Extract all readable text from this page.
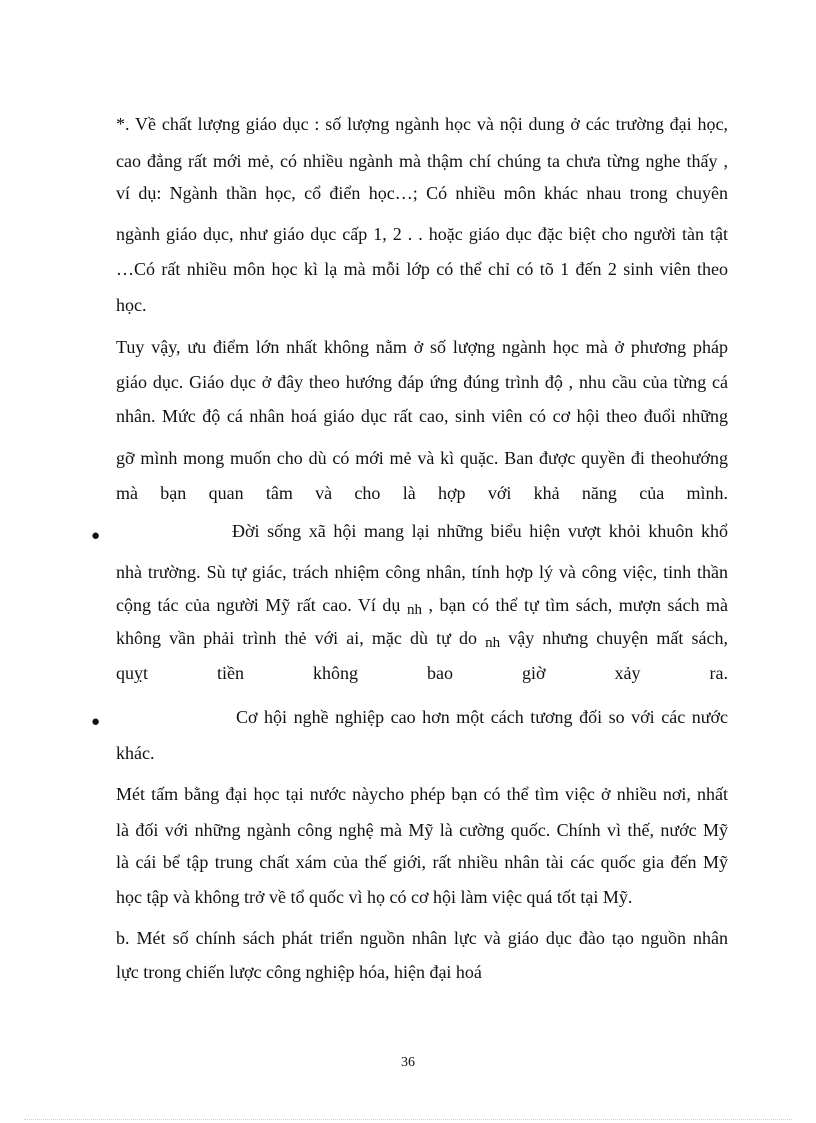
*. Về chất lượng giáo dục : số lượng ngành học và nội dung ở các trường đại học,
cao đẳng rất mới mẻ, có nhiều ngành mà thậm chí chúng ta chưa từng nghe thấy ,
ví dụ: Ngành thần học, cổ điển học…; Có nhiều môn khác nhau trong chuyên
ngành giáo dục, như giáo dục cấp 1, 2 . . hoặc giáo dục đặc biệt cho người tàn tật
…Có rất nhiều môn học kì lạ mà mỗi lớp có thể chỉ có tõ 1 đến 2 sinh viên theo
học.
Tuy vậy, ưu điểm lớn nhất không nằm ở số lượng ngành học mà ở phương pháp
giáo dục. Giáo dục ở đây theo hướng đáp ứng đúng trình độ , nhu cầu của từng cá
nhân. Mức độ cá nhân hoá giáo dục rất cao, sinh viên có cơ hội theo đuổi những
gỡ mình mong muốn cho dù có mới mẻ và kì quặc. Ban được quyền đi theohướng
mà bạn quan tâm và cho là hợp với khả năng của mình.
●	Đời sống xã hội mang lại những biểu hiện vượt khỏi khuôn khổ
nhà trường. Sù tự giác, trách nhiệm công nhân, tính hợp lý và công việc, tinh thần
cộng tác của người Mỹ rất cao. Ví dụ nh , bạn có thể tự tìm sách, mượn sách mà
không vần phải trình thẻ với ai, mặc dù tự do nh vậy nhưng chuyện mất sách,
quỵt tiền không bao giờ xảy ra.
●	Cơ hội nghề nghiệp cao hơn một cách tương đối so với các nước
khác.
Mét tấm bằng đại học tại nước nàycho phép bạn có thể tìm việc ở nhiều nơi, nhất
là đối với những ngành công nghệ mà Mỹ là cường quốc. Chính vì thế, nước Mỹ
là cái bể tập trung chất xám của thế giới, rất nhiều nhân tài các quốc gia đến Mỹ
học tập và không trở về tổ quốc vì họ có cơ hội làm việc quá tốt tại Mỹ.
b. Mét số chính sách phát triển nguồn nhân lực và giáo dục đào tạo nguồn nhân
lực trong chiến lược công nghiệp hóa, hiện đại hoá
36
